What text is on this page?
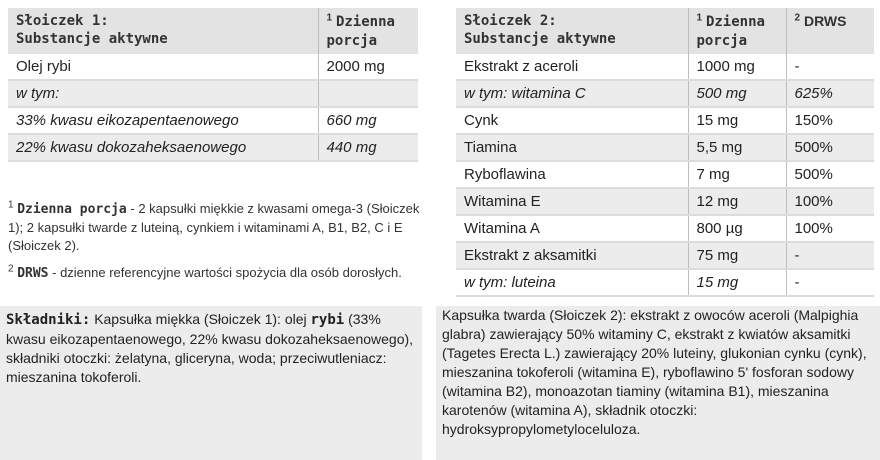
Słoiczek 1:
Substancje aktywne	$^1$ Dzienna
porcja
Olej rybi	2000 mg
w tym:	
33% kwasu eikozapentaenowego	660 mg
22% kwasu dokozaheksaenowego	440 mg
Słoiczek 2:
Substancje aktywne	$^1$ Dzienna
porcja	$^2$ DRWS
Ekstrakt z aceroli	1000 mg	-
w tym: witamina C	500 mg	625%
Cynk	15 mg	150%
Tiamina	5,5 mg	500%
Ryboflawina	7 mg	500%
Witamina E	12 mg	100%
Witamina A	800 µg	100%
Ekstrakt z aksamitki	75 mg	-
w tym: luteina	15 mg	-
$^1$ Dzienna porcja - 2 kapsułki miękkie z kwasami omega-3 (Słoiczek 1); 2 kapsułki twarde z luteiną, cynkiem i witaminami A, B1, B2, C i E (Słoiczek 2).
$^2$ DRWS - dzienne referencyjne wartości spożycia dla osób dorosłych.
Składniki: Kapsułka miękka (Słoiczek 1): olej rybi (33% kwasu eikozapentaenowego, 22% kwasu dokozaheksaenowego), składniki otoczki: żelatyna, gliceryna, woda; przeciwutleniacz: mieszanina tokoferoli.
Kapsułka twarda (Słoiczek 2): ekstrakt z owoców aceroli (Malpighia glabra) zawierający 50% witaminy C, ekstrakt z kwiatów aksamitki (Tagetes Erecta L.) zawierający 20% luteiny, glukonian cynku (cynk), mieszanina tokoferoli (witamina E), ryboflawino 5' fosforan sodowy (witamina B2), monoazotan tiaminy (witamina B1), mieszanina karotenów (witamina A), składnik otoczki: hydroksypropylometyloceluloza.
